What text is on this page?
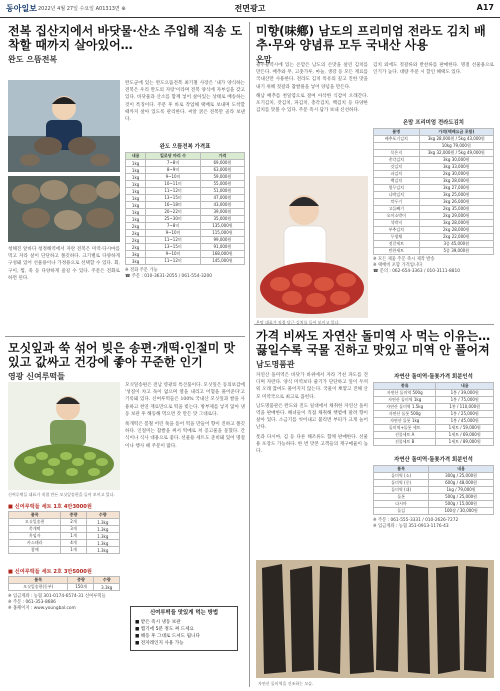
동아일보 2022년 4월 27일 수요일 A01313면 ⊕	전면광고	A17
전복 집산지에서 바닷물·산소 주입해 직송 도착할 때까지 살아있어…
완도 으뜸전복
청해진 앞바다 청정해역에서 자란 전복은 미역·다시마를 먹고 자라 살이 단단하고 쫄깃하다. 크기별로 다양하게 구성돼 있어 선물용이나 가정용으로 선택할 수 있다. 회, 구이, 찜, 죽 등 다양하게 즐길 수 있다. 주문은 전화로 하면 된다.
완도군에 있는 완도으뜸전복 최기철 사장은 '내가 양식하는 전복은 우리 완도의 자랑'이라며 전복 양식에 자부심을 갖고 있다. 바닷물과 산소를 함께 넣어 살아있는 상태로 배송하는 것이 특징이다. 주문 후 바로 작업해 택배로 보내며 도착할 때까지 살아 있도록 관리한다. 씨알 굵은 전복만 골라 보낸다.
완도 으뜸전복 가격표
내용	킬로당 마리 수	가격
1kg	7~8미	69,000원
1kg	8~9미	63,000원
1kg	9~10미	59,000원
1kg	10~11미	55,000원
1kg	11~12미	51,000원
1kg	13~15미	47,000원
1kg	16~18미	43,000원
1kg	20~22미	39,000원
1kg	25~30미	35,000원
2kg	7~8미	135,000원
2kg	9~10미	115,000원
2kg	11~12미	99,000원
2kg	13~15미	91,000원
3kg	9~10미	168,000원
3kg	11~12미	145,000원
※ 전화 주문 가능
☎ 주문 : 010-3631-2055 / 061-554-3200
모싯잎과 쑥 섞어 빚은 송편·개떡·인절미 맛있고 값싸고 건강에 좋아 꾸준한 인기
영광 신여루떡들
신여루떡들 대표가 직접 만든 모싯잎송편을 들어 보이고 있다.
■ 신여루떡들 세트 1호 4만3000원
품목	중량	수량
모싯잎송편	2개	1.3kg
쑥개떡	3개	1.3kg
흑임자	1개	1.3kg
카스테라	4개	1.3kg
참깨	1개	1.3kg
■ 신여루떡들 세트 2호 3만5000원
품목	중량	수량
모싯잎송편(동부)	150개	3.3kg
※ 입금계좌 : 농협 301-0174-6574-31 신여루떡들
※ 주문 : 061-353-8686
※ 홈페이지 : www.youngbal.com
모싯잎송편은 전남 영광의 특산품이다. 모싯잎은 동의보감에 '성질이 차고 독이 없으며 열을 내리고 어혈을 풀어준다'고 기록돼 있다. 신여루떡들은 100% 국내산 모싯잎과 쌀을 사용하고 천연 재료만으로 떡을 빚는다. 방부제를 넣지 않아 냉동 보관 후 해동해 먹으면 갓 만든 맛 그대로다.
쑥개떡은 봄철 어린 쑥을 뜯어 떡을 만들어 향이 진하고 쫄깃하다. 인절미는 찹쌀을 쪄서 떡메로 쳐 콩고물을 묻혔다. 간식이나 식사 대용으로 좋다. 선물용 세트도 준비돼 있어 명절이나 행사 때 주문이 많다.
신여루떡들 맛있게 먹는 방법
■ 받은 즉시 냉동 보관
■ 찜기에 5분 정도 쪄 드세요
■ 해동 후 그대로 드셔도 됩니다
■ 전자레인지 사용 가능
미향(味鄕) 남도의 프리미엄 전라도 김치 배추·무와 양념류 모두 국내산 사용
온맘
광주광역시에 있는 온맘은 남도의 손맛을 살린 김치를 만든다. 배추와 무, 고춧가루, 마늘, 생강 등 모든 재료를 국내산만 사용한다. 전라도 김치 특유의 깊고 진한 맛을 내기 위해 젓갈과 찹쌀풀을 넣어 양념을 만든다.
해남 배추를 천일염으로 절여 아삭한 식감이 오래간다. 포기김치, 갓김치, 파김치, 총각김치, 백김치 등 다양한 김치를 맛볼 수 있다. 주문 즉시 담가 보내 신선하다.
김치 외에도 젓갈류와 반찬류를 판매한다. 명절 선물용으로 인기가 높다. 대량 주문 시 할인 혜택도 있다.
온맘 대표가 직접 담근 김치를 들어 보이고 있다.
온맘 프리미엄 전라도김치
품명	가격(택배요금 포함)
배추포기김치	3kg 28,000원 / 5kg 43,000원
	10kg 79,000원
묵은지	3kg 32,000원 / 5kg 49,000원
총각김치	3kg 30,000원
갓김치	3kg 33,000원
파김치	2kg 30,000원
백김치	3kg 28,000원
열무김치	3kg 27,000원
나박김치	3kg 25,000원
깍두기	3kg 26,000원
고들빼기	2kg 35,000원
오이소박이	2kg 29,000원
석박지	3kg 28,000원
부추김치	2kg 28,000원
무생채	2kg 22,000원
젓갈세트	3종 45,000원
반찬세트	5종 39,000원
※ 모든 제품 주문 즉시 제작 발송
※ 택배비 포함 가격입니다
☎ 문의 : 062-654-3363 / 010-3111-8810
가격 비싸도 자연산 돌미역 사 먹는 이유는… 끓일수록 국물 진하고 맛있고 미역 안 풀어져
남도명품관
자연산 돌미역은 바닷가 바위에서 자라 거친 파도를 견디며 자란다. 양식 미역보다 줄기가 단단하고 잎이 두꺼워 오래 끓여도 풀어지지 않는다. 국물이 뽀얗고 진해 산모 미역국으로 최고로 꼽힌다.
남도명품관은 완도와 진도 일대에서 채취한 자연산 돌미역을 판매한다. 해녀들이 직접 채취해 햇볕에 말려 향이 살아 있다. 소금기를 씻어내고 불리면 부피가 크게 늘어난다.
톳과 다시마, 김 등 다른 해조류도 함께 판매한다. 선물용 포장도 가능하다. 한 번 맛본 고객들의 재구매율이 높다.
자연산 돌미역·돌톳가격 회분인석
종류	내용
자연산 돌미역 500g	1봉 / 39,000원
자연산 돌미역 1kg	1봉 / 75,000원
자연산 돌미역 1.5kg	1봉 / 110,000원
자연산 돌톳 500g	1봉 / 25,000원
자연산 돌톳 1kg	1봉 / 45,000원
돌미역+돌톳 세트	1세트 / 59,000원
선물세트 A	1세트 / 69,000원
선물세트 B	1세트 / 89,000원
자연산 돌미역·돌톳가격 회분인석
품목	내용
돌미역 (소)	300g / 25,000원
돌미역 (중)	600g / 48,000원
돌미역 (대)	1kg / 79,000원
돌톳	500g / 25,000원
다시마	500g / 15,000원
돌김	100장 / 30,000원
※ 주문 : 061-555-3331 / 010-2626-7272
※ 입금계좌 : 농협 351-0913-1176-43
자연산 돌미역을 건조하는 모습.
